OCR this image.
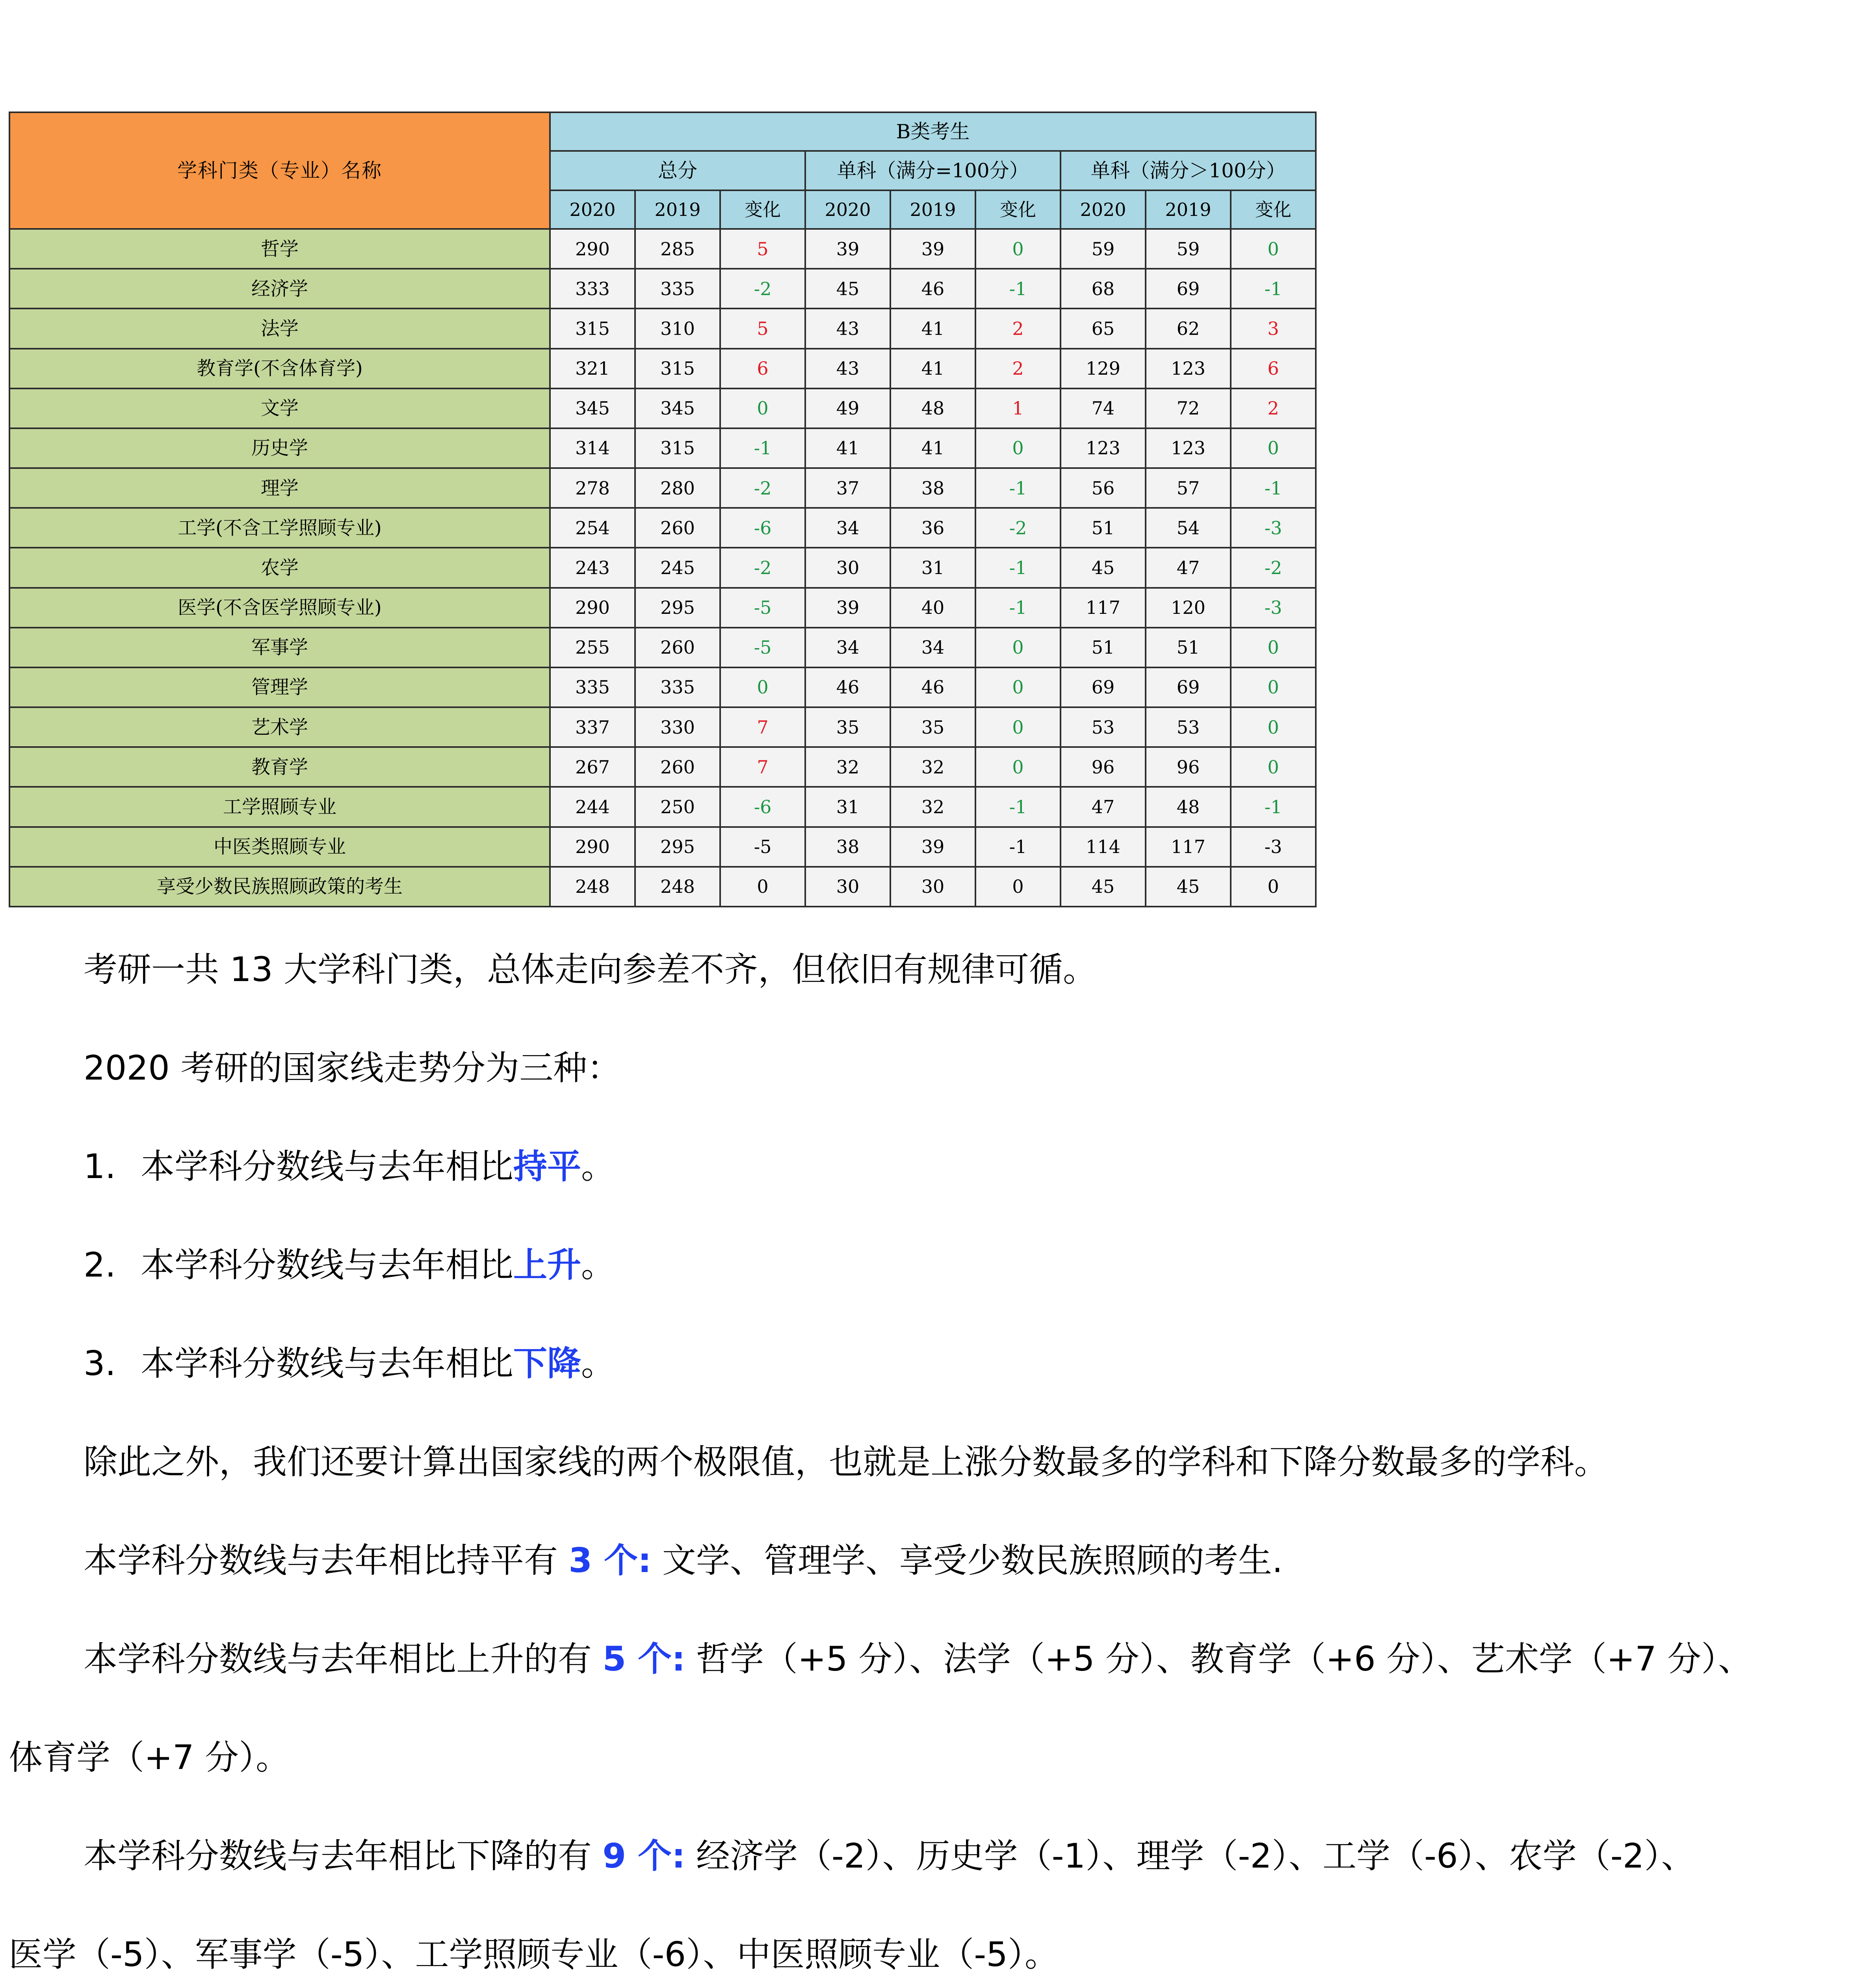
学科门类（专业）名称	B类考生								
	总分			单科（满分=100分）			单科（满分＞100分）		
	2020	2019	变化	2020	2019	变化	2020	2019	变化
哲学	290	285	5	39	39	0	59	59	0
经济学	333	335	-2	45	46	-1	68	69	-1
法学	315	310	5	43	41	2	65	62	3
教育学(不含体育学)	321	315	6	43	41	2	129	123	6
文学	345	345	0	49	48	1	74	72	2
历史学	314	315	-1	41	41	0	123	123	0
理学	278	280	-2	37	38	-1	56	57	-1
工学(不含工学照顾专业)	254	260	-6	34	36	-2	51	54	-3
农学	243	245	-2	30	31	-1	45	47	-2
医学(不含医学照顾专业)	290	295	-5	39	40	-1	117	120	-3
军事学	255	260	-5	34	34	0	51	51	0
管理学	335	335	0	46	46	0	69	69	0
艺术学	337	330	7	35	35	0	53	53	0
教育学	267	260	7	32	32	0	96	96	0
工学照顾专业	244	250	-6	31	32	-1	47	48	-1
中医类照顾专业	290	295	-5	38	39	-1	114	117	-3
享受少数民族照顾政策的考生	248	248	0	30	30	0	45	45	0

考研一共 13 大学科门类，总体走向参差不齐，但依旧有规律可循。

2020 考研的国家线走势分为三种：

1. 本学科分数线与去年相比持平。

2. 本学科分数线与去年相比上升。

3. 本学科分数线与去年相比下降。

除此之外，我们还要计算出国家线的两个极限值，也就是上涨分数最多的学科和下降分数最多的学科。

本学科分数线与去年相比持平有 3 个: 文学、管理学、享受少数民族照顾的考生.

本学科分数线与去年相比上升的有 5 个: 哲学（+5 分）、法学（+5 分）、教育学（+6 分）、艺术学（+7 分）、

体育学（+7 分）。

本学科分数线与去年相比下降的有 9 个: 经济学（-2）、历史学（-1）、理学（-2）、工学（-6）、农学（-2）、

医学（-5）、军事学（-5）、工学照顾专业（-6）、中医照顾专业（-5）。
